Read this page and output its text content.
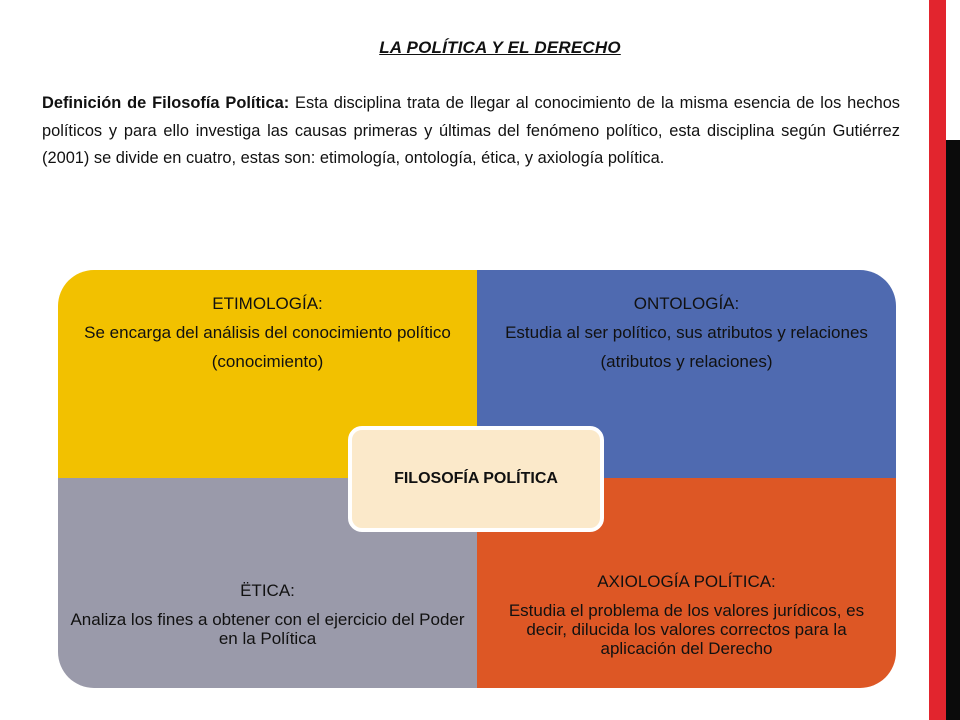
LA POLÍTICA Y EL DERECHO
Definición de Filosofía Política: Esta disciplina trata de llegar al conocimiento de la misma esencia de los hechos políticos y para ello investiga las causas primeras y últimas del fenómeno político, esta disciplina según Gutiérrez (2001) se divide en cuatro, estas son: etimología, ontología, ética, y axiología política.

ETIMOLOGÍA:

Se encarga del análisis del conocimiento político

(conocimiento)

ONTOLOGÍA:

Estudia al ser político, sus atributos y relaciones

(atributos y relaciones)

ËTICA:

Analiza los fines a obtener con el ejercicio del Poder en la Política

AXIOLOGÍA POLÍTICA:

Estudia el problema de los valores jurídicos, es decir, dilucida los valores correctos para la aplicación del Derecho

FILOSOFÍA POLÍTICA
